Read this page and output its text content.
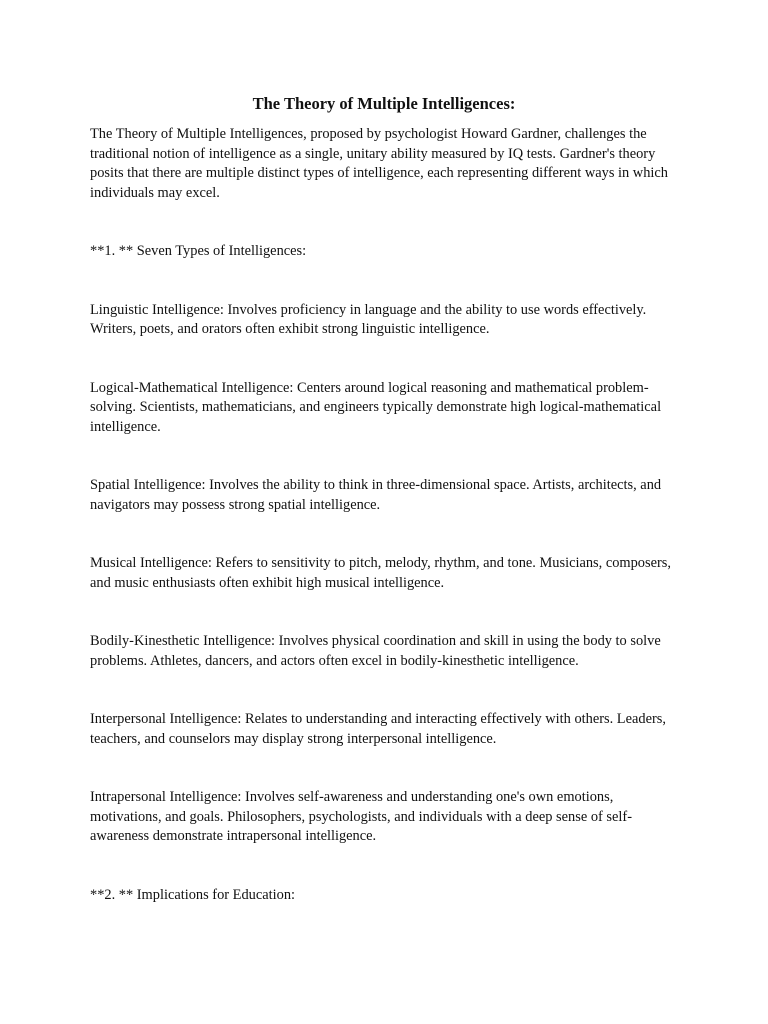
The Theory of Multiple Intelligences:

The Theory of Multiple Intelligences, proposed by psychologist Howard Gardner, challenges the traditional notion of intelligence as a single, unitary ability measured by IQ tests. Gardner's theory posits that there are multiple distinct types of intelligence, each representing different ways in which individuals may excel.

**1. ** Seven Types of Intelligences:

Linguistic Intelligence: Involves proficiency in language and the ability to use words effectively. Writers, poets, and orators often exhibit strong linguistic intelligence.

Logical-Mathematical Intelligence: Centers around logical reasoning and mathematical problem-solving. Scientists, mathematicians, and engineers typically demonstrate high logical-mathematical intelligence.

Spatial Intelligence: Involves the ability to think in three-dimensional space. Artists, architects, and navigators may possess strong spatial intelligence.

Musical Intelligence: Refers to sensitivity to pitch, melody, rhythm, and tone. Musicians, composers, and music enthusiasts often exhibit high musical intelligence.

Bodily-Kinesthetic Intelligence: Involves physical coordination and skill in using the body to solve problems. Athletes, dancers, and actors often excel in bodily-kinesthetic intelligence.

Interpersonal Intelligence: Relates to understanding and interacting effectively with others. Leaders, teachers, and counselors may display strong interpersonal intelligence.

Intrapersonal Intelligence: Involves self-awareness and understanding one's own emotions, motivations, and goals. Philosophers, psychologists, and individuals with a deep sense of self-awareness demonstrate intrapersonal intelligence.

**2. ** Implications for Education:
